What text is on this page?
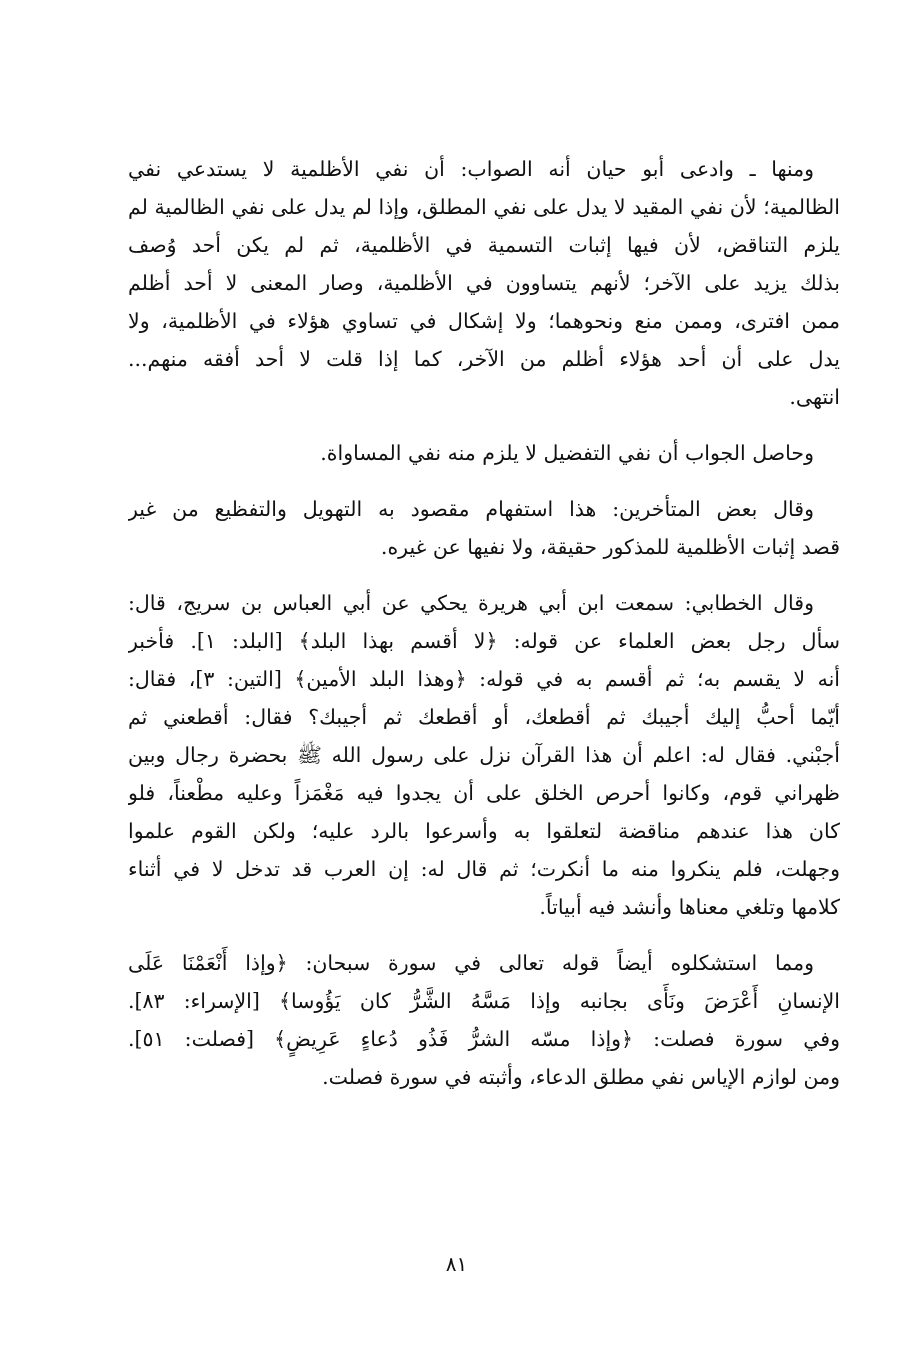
ومنها ـ وادعى أبو حيان أنه الصواب: أن نفي الأظلمية لا يستدعي نفي
الظالمية؛ لأن نفي المقيد لا يدل على نفي المطلق، وإذا لم يدل على نفي الظالمية لم
يلزم التناقض، لأن فيها إثبات التسمية في الأظلمية، ثم لم يكن أحد وُصف
بذلك يزيد على الآخر؛ لأنهم يتساوون في الأظلمية، وصار المعنى لا أحد أظلم
ممن افترى، وممن منع ونحوهما؛ ولا إشكال في تساوي هؤلاء في الأظلمية، ولا
يدل على أن أحد هؤلاء أظلم من الآخر، كما إذا قلت لا أحد أفقه منهم...
انتهى.
وحاصل الجواب أن نفي التفضيل لا يلزم منه نفي المساواة.
وقال بعض المتأخرين: هذا استفهام مقصود به التهويل والتفظيع من غير
قصد إثبات الأظلمية للمذكور حقيقة، ولا نفيها عن غيره.
وقال الخطابي: سمعت ابن أبي هريرة يحكي عن أبي العباس بن سريج، قال:
سأل رجل بعض العلماء عن قوله: ﴿لا أقسم بهذا البلد﴾ [البلد: ١]. فأخبر
أنه لا يقسم به؛ ثم أقسم به في قوله: ﴿وهذا البلد الأمين﴾ [التين: ٣]، فقال:
أيّما أحبُّ إليك أجيبك ثم أقطعك، أو أقطعك ثم أجيبك؟ فقال: أقطعني ثم
أجبْني. فقال له: اعلم أن هذا القرآن نزل على رسول الله ﷺ بحضرة رجال وبين
ظهراني قوم، وكانوا أحرص الخلق على أن يجدوا فيه مَغْمَزاً وعليه مطْعناً، فلو
كان هذا عندهم مناقضة لتعلقوا به وأسرعوا بالرد عليه؛ ولكن القوم علموا
وجهلت، فلم ينكروا منه ما أنكرت؛ ثم قال له: إن العرب قد تدخل لا في أثناء
كلامها وتلغي معناها وأنشد فيه أبياتاً.
ومما استشكلوه أيضاً قوله تعالى في سورة سبحان: ﴿وإذا أَنْعَمْنَا عَلَى
الإنسانِ أَعْرَضَ ونَأَى بجانبه وإذا مَسَّهُ الشَّرُّ كان يَؤُوسا﴾ [الإسراء: ٨٣].
وفي سورة فصلت: ﴿وإذا مسّه الشرُّ فَذُو دُعاءٍ عَرِيضٍ﴾ [فصلت: ٥١].
ومن لوازم الإياس نفي مطلق الدعاء، وأثبته في سورة فصلت.
٨١
